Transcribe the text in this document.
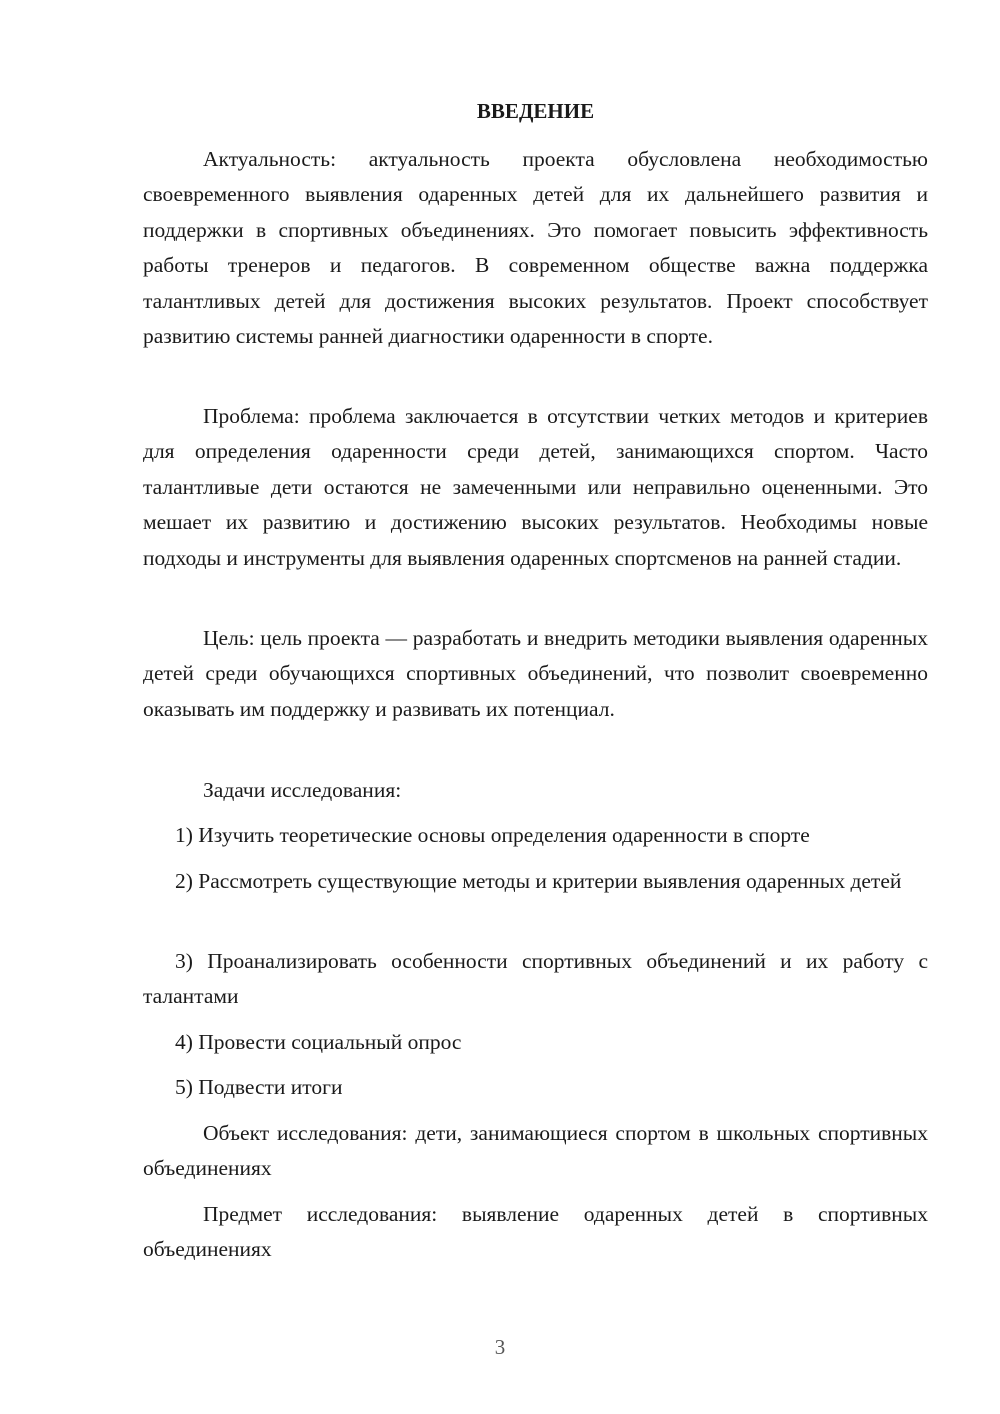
ВВЕДЕНИЕ

Актуальность: актуальность проекта обусловлена необходимостью своевременного выявления одаренных детей для их дальнейшего развития и поддержки в спортивных объединениях. Это помогает повысить эффективность работы тренеров и педагогов. В современном обществе важна поддержка талантливых детей для достижения высоких результатов. Проект способствует развитию системы ранней диагностики одаренности в спорте.

Проблема: проблема заключается в отсутствии четких методов и критериев для определения одаренности среди детей, занимающихся спортом. Часто талантливые дети остаются не замеченными или неправильно оцененными. Это мешает их развитию и достижению высоких результатов. Необходимы новые подходы и инструменты для выявления одаренных спортсменов на ранней стадии.

Цель: цель проекта — разработать и внедрить методики выявления одаренных детей среди обучающихся спортивных объединений, что позволит своевременно оказывать им поддержку и развивать их потенциал.

Задачи исследования:

1) Изучить теоретические основы определения одаренности в спорте

2) Рассмотреть существующие методы и критерии выявления одаренных детей

3) Проанализировать особенности спортивных объединений и их работу с талантами

4) Провести социальный опрос

5) Подвести итоги

Объект исследования: дети, занимающиеся спортом в школьных спортивных объединениях

Предмет исследования: выявление одаренных детей в спортивных объединениях

3
